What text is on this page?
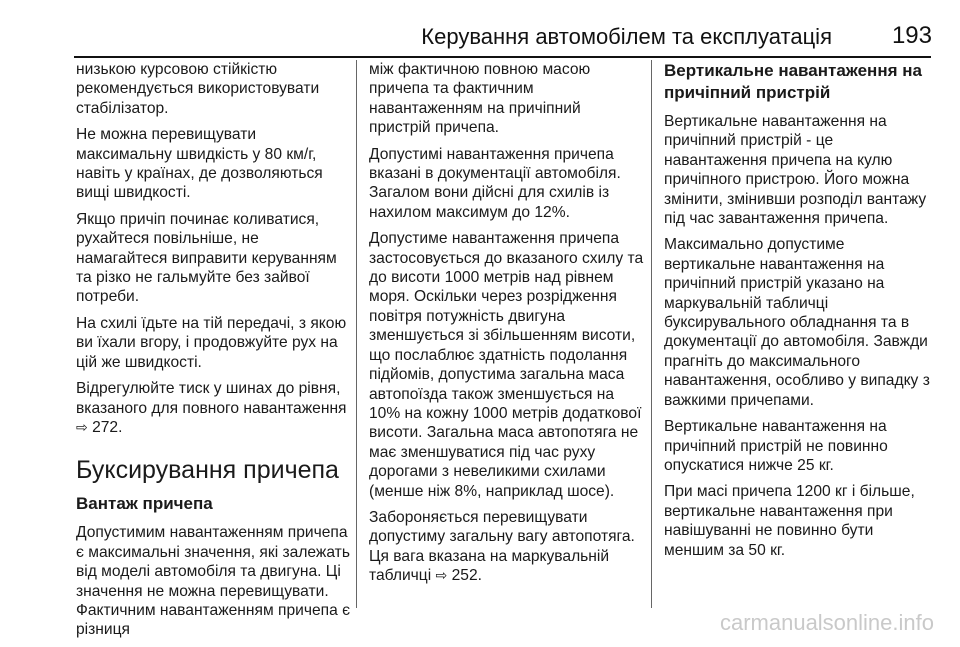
Керування автомобілем та експлуатація 193

низькою курсовою стійкістю рекомендується використовувати стабілізатор.

Не можна перевищувати максимальну швидкість у 80 км/г, навіть у країнах, де дозволяються вищі швидкості.

Якщо причіп починає коливатися, рухайтеся повільніше, не намагайтеся виправити керуванням та різко не гальмуйте без зайвої потреби.

На схилі їдьте на тій передачі, з якою ви їхали вгору, і продовжуйте рух на цій же швидкості.

Відрегулюйте тиск у шинах до рівня, вказаного для повного навантаження ⇨ 272.

Буксирування причепа
Вантаж причепа

Допустимим навантаженням причепа є максимальні значення, які залежать від моделі автомобіля та двигуна. Ці значення не можна перевищувати. Фактичним навантаженням причепа є різниця

між фактичною повною масою причепа та фактичним навантаженням на причіпний пристрій причепа.

Допустимі навантаження причепа вказані в документації автомобіля. Загалом вони дійсні для схилів із нахилом максимум до 12%.

Допустиме навантаження причепа застосовується до вказаного схилу та до висоти 1000 метрів над рівнем моря. Оскільки через розрідження повітря потужність двигуна зменшується зі збільшенням висоти, що послаблює здатність подолання підйомів, допустима загальна маса автопоїзда також зменшується на 10% на кожну 1000 метрів додаткової висоти. Загальна маса автопотяга не має зменшуватися під час руху дорогами з невеликими схилами (менше ніж 8%, наприклад шосе).

Забороняється перевищувати допустиму загальну вагу автопотяга. Ця вага вказана на маркувальній табличці ⇨ 252.

Вертикальне навантаження на причіпний пристрій

Вертикальне навантаження на причіпний пристрій - це навантаження причепа на кулю причіпного пристрою. Його можна змінити, змінивши розподіл вантажу під час завантаження причепа.

Максимально допустиме вертикальне навантаження на причіпний пристрій указано на маркувальній табличці буксирувального обладнання та в документації до автомобіля. Завжди прагніть до максимального навантаження, особливо у випадку з важкими причепами.

Вертикальне навантаження на причіпний пристрій не повинно опускатися нижче 25 кг.

При масі причепа 1200 кг і більше, вертикальне навантаження при навішуванні не повинно бути меншим за 50 кг.

carmanualsonline.info
